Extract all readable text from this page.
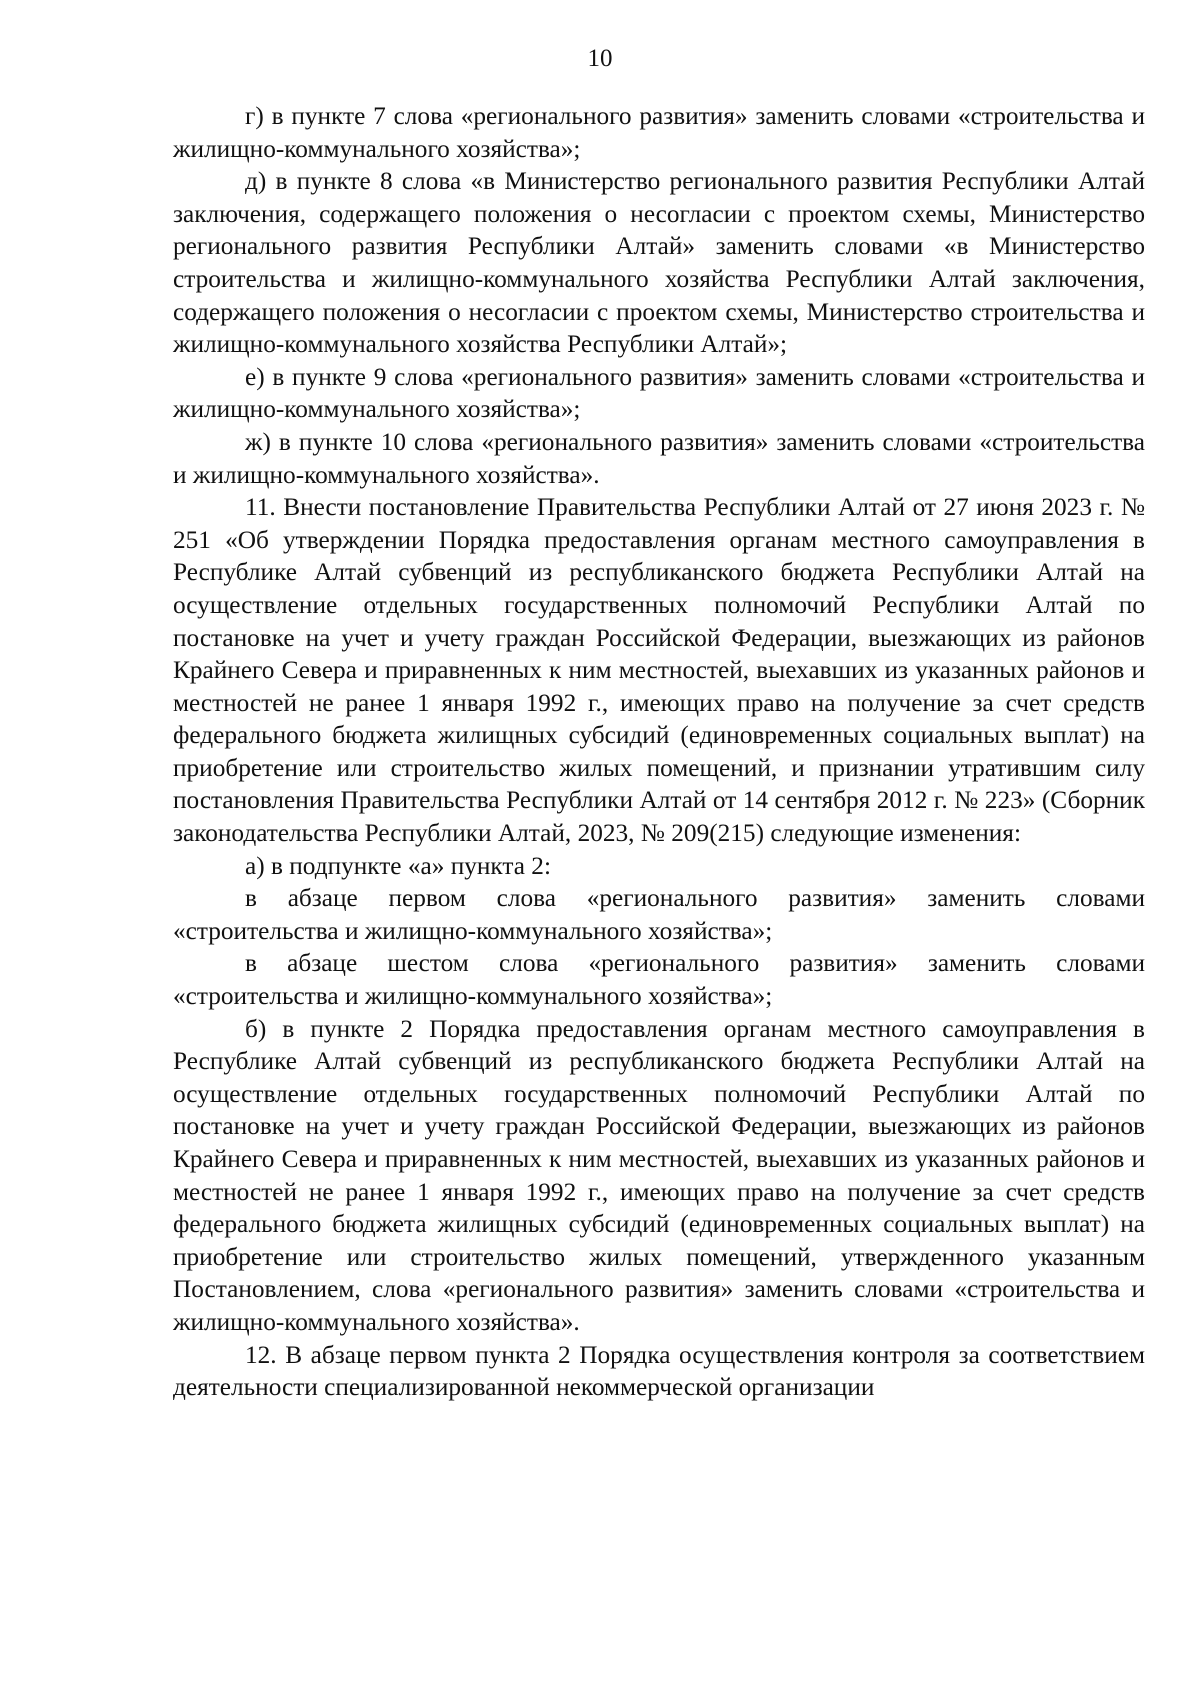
10

г) в пункте 7 слова «регионального развития» заменить словами «строительства и жилищно-коммунального хозяйства»;

д) в пункте 8 слова «в Министерство регионального развития Республики Алтай заключения, содержащего положения о несогласии с проектом схемы, Министерство регионального развития Республики Алтай» заменить словами «в Министерство строительства и жилищно-коммунального хозяйства Республики Алтай заключения, содержащего положения о несогласии с проектом схемы, Министерство строительства и жилищно-коммунального хозяйства Республики Алтай»;

е) в пункте 9 слова «регионального развития» заменить словами «строительства и жилищно-коммунального хозяйства»;

ж) в пункте 10 слова «регионального развития» заменить словами «строительства и жилищно-коммунального хозяйства».

11. Внести постановление Правительства Республики Алтай от 27 июня 2023 г. № 251 «Об утверждении Порядка предоставления органам местного самоуправления в Республике Алтай субвенций из республиканского бюджета Республики Алтай на осуществление отдельных государственных полномочий Республики Алтай по постановке на учет и учету граждан Российской Федерации, выезжающих из районов Крайнего Севера и приравненных к ним местностей, выехавших из указанных районов и местностей не ранее 1 января 1992 г., имеющих право на получение за счет средств федерального бюджета жилищных субсидий (единовременных социальных выплат) на приобретение или строительство жилых помещений, и признании утратившим силу постановления Правительства Республики Алтай от 14 сентября 2012 г. № 223» (Сборник законодательства Республики Алтай, 2023, № 209(215) следующие изменения:

а) в подпункте «а» пункта 2:

в абзаце первом слова «регионального развития» заменить словами «строительства и жилищно-коммунального хозяйства»;

в абзаце шестом слова «регионального развития» заменить словами «строительства и жилищно-коммунального хозяйства»;

б) в пункте 2 Порядка предоставления органам местного самоуправления в Республике Алтай субвенций из республиканского бюджета Республики Алтай на осуществление отдельных государственных полномочий Республики Алтай по постановке на учет и учету граждан Российской Федерации, выезжающих из районов Крайнего Севера и приравненных к ним местностей, выехавших из указанных районов и местностей не ранее 1 января 1992 г., имеющих право на получение за счет средств федерального бюджета жилищных субсидий (единовременных социальных выплат) на приобретение или строительство жилых помещений, утвержденного указанным Постановлением, слова «регионального развития» заменить словами «строительства и жилищно-коммунального хозяйства».

12. В абзаце первом пункта 2 Порядка осуществления контроля за соответствием деятельности специализированной некоммерческой организации
